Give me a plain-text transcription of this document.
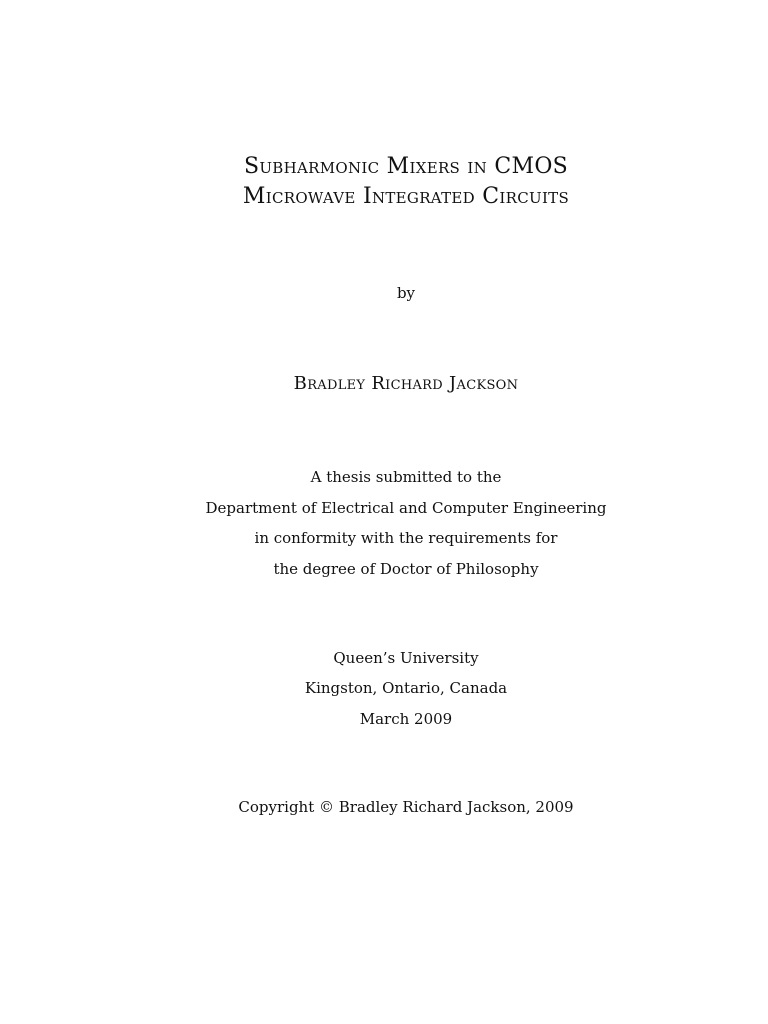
Subharmonic Mixers in CMOS
Microwave Integrated Circuits
by
Bradley Richard Jackson
A thesis submitted to the
Department of Electrical and Computer Engineering
in conformity with the requirements for
the degree of Doctor of Philosophy
Queen’s University
Kingston, Ontario, Canada
March 2009
Copyright © Bradley Richard Jackson, 2009
